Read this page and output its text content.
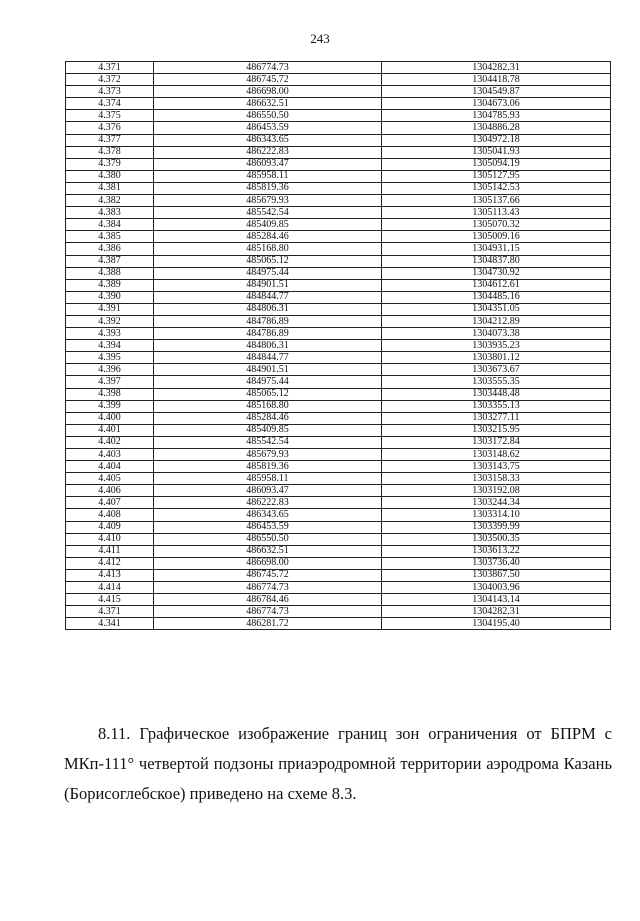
243
4.371	486774.73	1304282.31
4.372	486745.72	1304418.78
4.373	486698.00	1304549.87
4.374	486632.51	1304673.06
4.375	486550.50	1304785.93
4.376	486453.59	1304886.28
4.377	486343.65	1304972.18
4.378	486222.83	1305041.93
4.379	486093.47	1305094.19
4.380	485958.11	1305127.95
4.381	485819.36	1305142.53
4.382	485679.93	1305137.66
4.383	485542.54	1305113.43
4.384	485409.85	1305070.32
4.385	485284.46	1305009.16
4.386	485168.80	1304931.15
4.387	485065.12	1304837.80
4.388	484975.44	1304730.92
4.389	484901.51	1304612.61
4.390	484844.77	1304485.16
4.391	484806.31	1304351.05
4.392	484786.89	1304212.89
4.393	484786.89	1304073.38
4.394	484806.31	1303935.23
4.395	484844.77	1303801.12
4.396	484901.51	1303673.67
4.397	484975.44	1303555.35
4.398	485065.12	1303448.48
4.399	485168.80	1303355.13
4.400	485284.46	1303277.11
4.401	485409.85	1303215.95
4.402	485542.54	1303172.84
4.403	485679.93	1303148.62
4.404	485819.36	1303143.75
4.405	485958.11	1303158.33
4.406	486093.47	1303192.08
4.407	486222.83	1303244.34
4.408	486343.65	1303314.10
4.409	486453.59	1303399.99
4.410	486550.50	1303500.35
4.411	486632.51	1303613.22
4.412	486698.00	1303736.40
4.413	486745.72	1303867.50
4.414	486774.73	1304003.96
4.415	486784.46	1304143.14
4.371	486774.73	1304282.31
4.341	486281.72	1304195.40

8.11. Графическое изображение границ зон ограничения от БПРМ с МКп-111° четвертой подзоны приаэродромной территории аэродрома Казань (Борисоглебское) приведено на схеме 8.3.
